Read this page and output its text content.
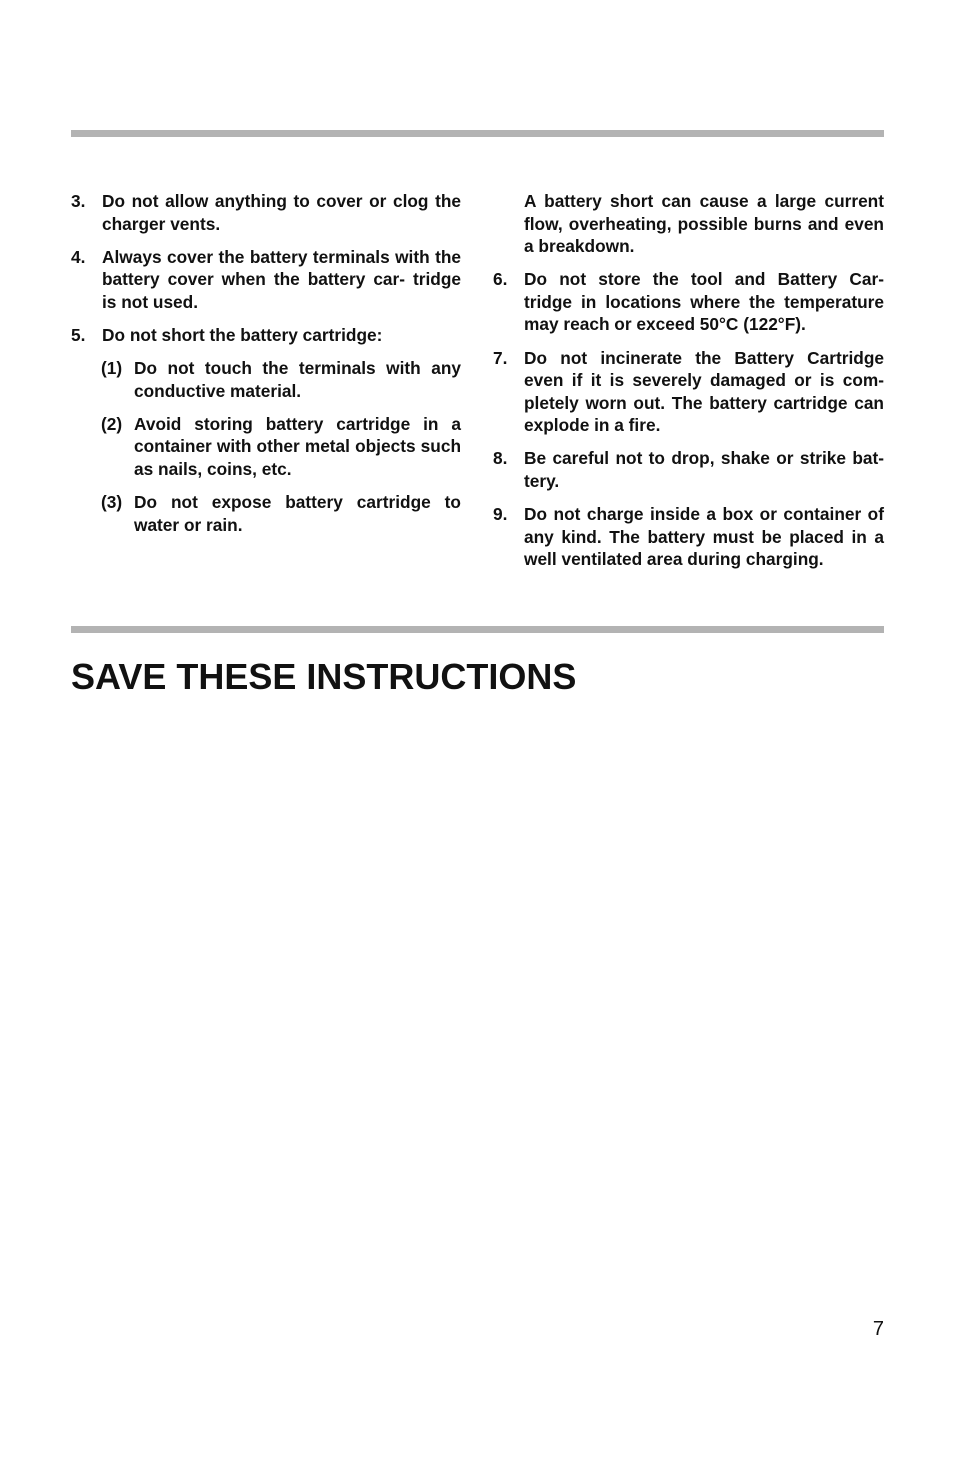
3. Do not allow anything to cover or clog the charger vents.
4. Always cover the battery terminals with the battery cover when the battery car- tridge is not used.
5. Do not short the battery cartridge:
(1) Do not touch the terminals with any conductive material.
(2) Avoid storing battery cartridge in a container with other metal objects such as nails, coins, etc.
(3) Do not expose battery cartridge to water or rain.
A battery short can cause a large current flow, overheating, possible burns and even a breakdown.
6. Do not store the tool and Battery Car- tridge in locations where the temperature may reach or exceed 50°C (122°F).
7. Do not incinerate the Battery Cartridge even if it is severely damaged or is com- pletely worn out. The battery cartridge can explode in a fire.
8. Be careful not to drop, shake or strike bat- tery.
9. Do not charge inside a box or container of any kind. The battery must be placed in a well ventilated area during charging.
SAVE THESE INSTRUCTIONS
7
